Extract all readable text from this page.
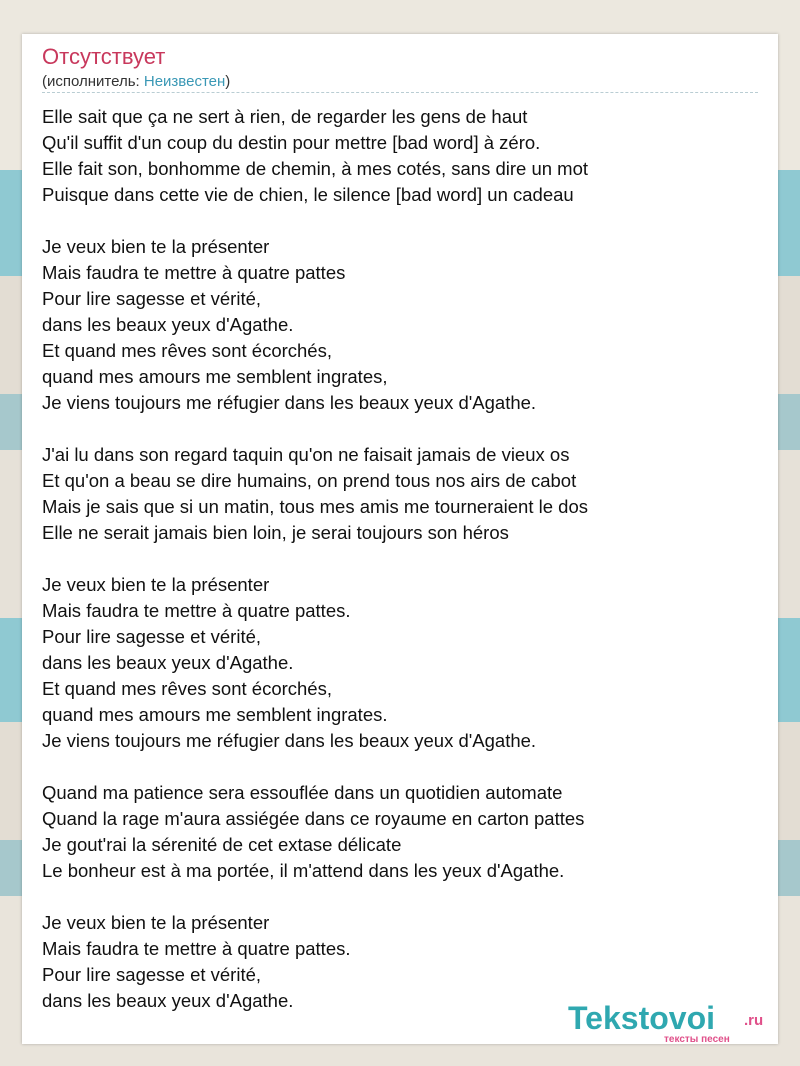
Отсутствует
(исполнитель: Неизвестен)
Elle sait que ça ne sert à rien, de regarder les gens de haut
Qu'il suffit d'un coup du destin pour mettre [bad word] à zéro.
Elle fait son, bonhomme de chemin, à mes cotés, sans dire un mot
Puisque dans cette vie de chien, le silence [bad word] un cadeau
Je veux bien te la présenter
Mais faudra te mettre à quatre pattes
Pour lire sagesse et vérité,
dans les beaux yeux d'Agathe.
Et quand mes rêves sont écorchés,
quand mes amours me semblent ingrates,
Je viens toujours me réfugier dans les beaux yeux d'Agathe.
J'ai lu dans son regard taquin qu'on ne faisait jamais de vieux os
Et qu'on a beau se dire humains, on prend tous nos airs de cabot
Mais je sais que si un matin, tous mes amis me tourneraient le dos
Elle ne serait jamais bien loin, je serai toujours son héros
Je veux bien te la présenter
Mais faudra te mettre à quatre pattes.
Pour lire sagesse et vérité,
dans les beaux yeux d'Agathe.
Et quand mes rêves sont écorchés,
quand mes amours me semblent ingrates.
Je viens toujours me réfugier dans les beaux yeux d'Agathe.
Quand ma patience sera essouflée dans un quotidien automate
Quand la rage m'aura assiégée dans ce royaume en carton pattes
Je gout'rai la sérenité de cet extase délicate
Le bonheur est à ma portée, il m'attend dans les yeux d'Agathe.
Je veux bien te la présenter
Mais faudra te mettre à quatre pattes.
Pour lire sagesse et vérité,
dans les beaux yeux d'Agathe.	Tekstovoi .ru
тексты песен
